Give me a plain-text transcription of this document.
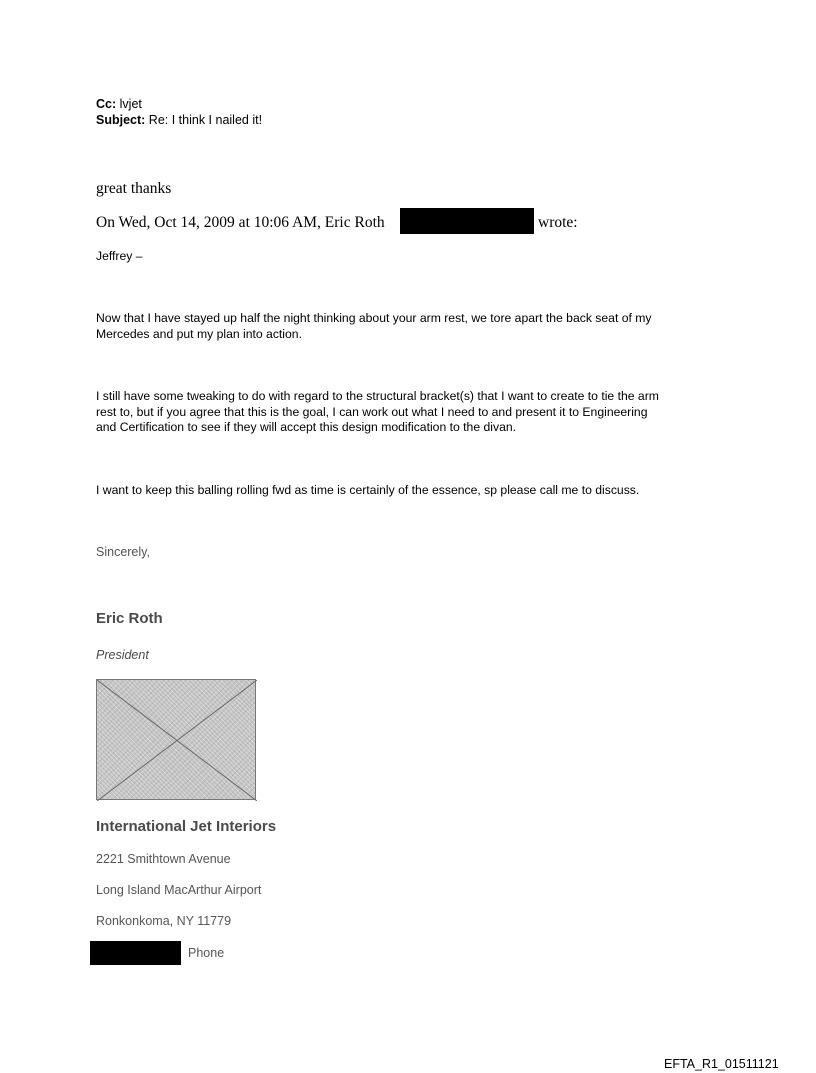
Cc: lvjet
Subject: Re: I think I nailed it!
great thanks
On Wed, Oct 14, 2009 at 10:06 AM, Eric Roth	wrote:
Jeffrey –
Now that I have stayed up half the night thinking about your arm rest, we tore apart the back seat of my
Mercedes and put my plan into action.
I still have some tweaking to do with regard to the structural bracket(s) that I want to create to tie the arm
rest to, but if you agree that this is the goal, I can work out what I need to and present it to Engineering
and Certification to see if they will accept this design modification to the divan.
I want to keep this balling rolling fwd as time is certainly of the essence, sp please call me to discuss.
Sincerely,
Eric Roth
President
International Jet Interiors
2221 Smithtown Avenue
Long Island MacArthur Airport
Ronkonkoma, NY 11779
Phone
EFTA_R1_01511121
